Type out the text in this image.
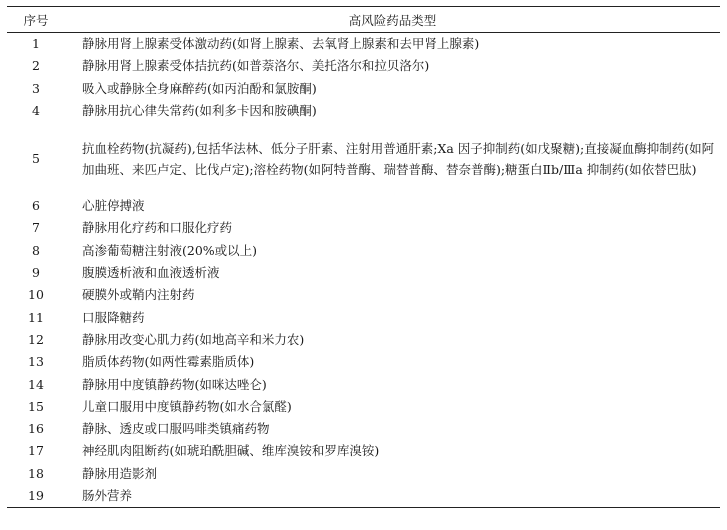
序号	高风险药品类型
1	静脉用肾上腺素受体激动药(如肾上腺素、去氧肾上腺素和去甲肾上腺素)
2	静脉用肾上腺素受体拮抗药(如普萘洛尔、美托洛尔和拉贝洛尔)
3	吸入或静脉全身麻醉药(如丙泊酚和氯胺酮)
4	静脉用抗心律失常药(如利多卡因和胺碘酮)
5	抗血栓药物(抗凝药),包括华法林、低分子肝素、注射用普通肝素;Xa 因子抑制药(如戊聚糖);直接凝血酶抑制药(如阿加曲班、来匹卢定、比伐卢定);溶栓药物(如阿特普酶、瑞替普酶、替奈普酶);糖蛋白Ⅱb/Ⅲa 抑制药(如依替巴肽)
6	心脏停搏液
7	静脉用化疗药和口服化疗药
8	高渗葡萄糖注射液(20%或以上)
9	腹膜透析液和血液透析液
10	硬膜外或鞘内注射药
11	口服降糖药
12	静脉用改变心肌力药(如地高辛和米力农)
13	脂质体药物(如两性霉素脂质体)
14	静脉用中度镇静药物(如咪达唑仑)
15	儿童口服用中度镇静药物(如水合氯醛)
16	静脉、透皮或口服吗啡类镇痛药物
17	神经肌肉阻断药(如琥珀酰胆碱、维库溴铵和罗库溴铵)
18	静脉用造影剂
19	肠外营养
